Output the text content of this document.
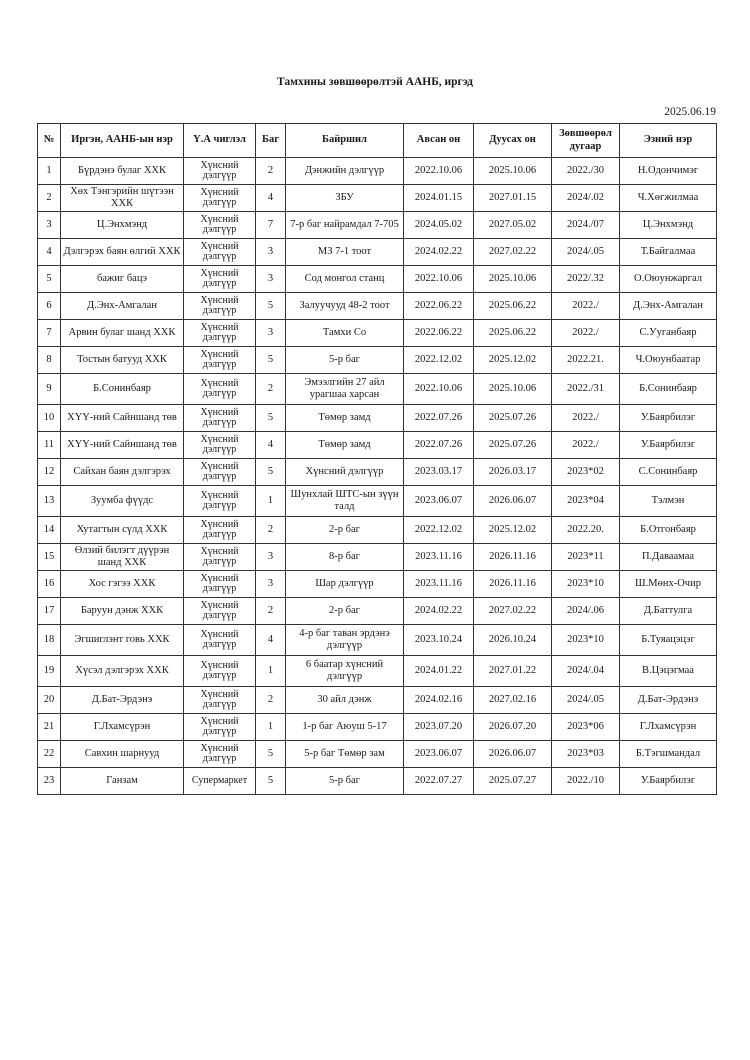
Тамхины зөвшөөрөлтэй ААНБ, иргэд
2025.06.19
№	Иргэн, ААНБ-ын нэр	Ү.А чиглэл	Баг	Байршил	Авсан он	Дуусах он	Зөвшөөрөл дугаар	Эзний нэр
1	Бүрдэнэ булаг ХХК	Хүнсний дэлгүүр	2	Дэнжийн дэлгүүр	2022.10.06	2025.10.06	2022./30	Н.Одончимэг
2	Хөх Тэнгэрийн шүтээн ХХК	Хүнсний дэлгүүр	4	ЗБУ	2024.01.15	2027.01.15	2024/.02	Ч.Хөгжилмаа
3	Ц.Энхмэнд	Хүнсний дэлгүүр	7	7-р баг найрамдал 7-705	2024.05.02	2027.05.02	2024./07	Ц.Энхмэнд
4	Дэлгэрэх баян өлгий ХХК	Хүнсний дэлгүүр	3	МЗ 7-1 тоот	2024.02.22	2027.02.22	2024/.05	Т.Байгалмаа
5	бажиг бацэ	Хүнсний дэлгүүр	3	Сод монгол станц	2022.10.06	2025.10.06	2022/.32	О.Оюунжаргал
6	Д.Энх-Амгалан	Хүнсний дэлгүүр	5	Залуучууд 48-2 тоот	2022.06.22	2025.06.22	2022./	Д.Энх-Амгалан
7	Арвин булаг шанд ХХК	Хүнсний дэлгүүр	3	Тамхи Со	2022.06.22	2025.06.22	2022./	С.Ууганбаяр
8	Тостын батууд ХХК	Хүнсний дэлгүүр	5	5-р баг	2022.12.02	2025.12.02	2022.21.	Ч.Оюунбаатар
9	Б.Сонинбаяр	Хүнсний дэлгүүр	2	Эмээлгийн 27 айл урагшаа харсан	2022.10.06	2025.10.06	2022./31	Б.Сонинбаяр
10	ХҮҮ-ний Сайншанд төв	Хүнсний дэлгүүр	5	Төмөр замд	2022.07.26	2025.07.26	2022./	У.Баярбилэг
11	ХҮҮ-ний Сайншанд төв	Хүнсний дэлгүүр	4	Төмөр замд	2022.07.26	2025.07.26	2022./	У.Баярбилэг
12	Сайхан баян дэлгэрэх	Хүнсний дэлгүүр	5	Хүнсний дэлгүүр	2023.03.17	2026.03.17	2023*02	С.Сонинбаяр
13	Зуумба фүүдс	Хүнсний дэлгүүр	1	Шунхлай ШТС-ын зүүн талд	2023.06.07	2026.06.07	2023*04	Тэлмэн
14	Хутагтын сүлд ХХК	Хүнсний дэлгүүр	2	2-р баг	2022.12.02	2025.12.02	2022.20.	Б.Отгонбаяр
15	Өлзий билэгт дүүрэн шанд ХХК	Хүнсний дэлгүүр	3	8-р баг	2023.11.16	2026.11.16	2023*11	П.Даваамаа
16	Хос гэгээ ХХК	Хүнсний дэлгүүр	3	Шар дэлгүүр	2023.11.16	2026.11.16	2023*10	Ш.Мөнх-Очир
17	Баруун дэнж ХХК	Хүнсний дэлгүүр	2	2-р баг	2024.02.22	2027.02.22	2024/.06	Д.Баттулга
18	Эгшиглэнт говь ХХК	Хүнсний дэлгүүр	4	4-р баг таван эрдэнэ дэлгүүр	2023.10.24	2026.10.24	2023*10	Б.Туяацэцэг
19	Хүсэл дэлгэрэх ХХК	Хүнсний дэлгүүр	1	6 баатар хүнсний дэлгүүр	2024.01.22	2027.01.22	2024/.04	В.Цэцэгмаа
20	Д.Бат-Эрдэнэ	Хүнсний дэлгүүр	2	30 айл дэнж	2024.02.16	2027.02.16	2024/.05	Д.Бат-Эрдэнэ
21	Г.Лхамсүрэн	Хүнсний дэлгүүр	1	1-р баг Аюуш 5-17	2023.07.20	2026.07.20	2023*06	Г.Лхамсүрэн
22	Савхин шарнууд	Хүнсний дэлгүүр	5	5-р баг Төмөр зам	2023.06.07	2026.06.07	2023*03	Б.Тэгшмандал
23	Ганзам	Супермаркет	5	5-р баг	2022.07.27	2025.07.27	2022./10	У.Баярбилэг
